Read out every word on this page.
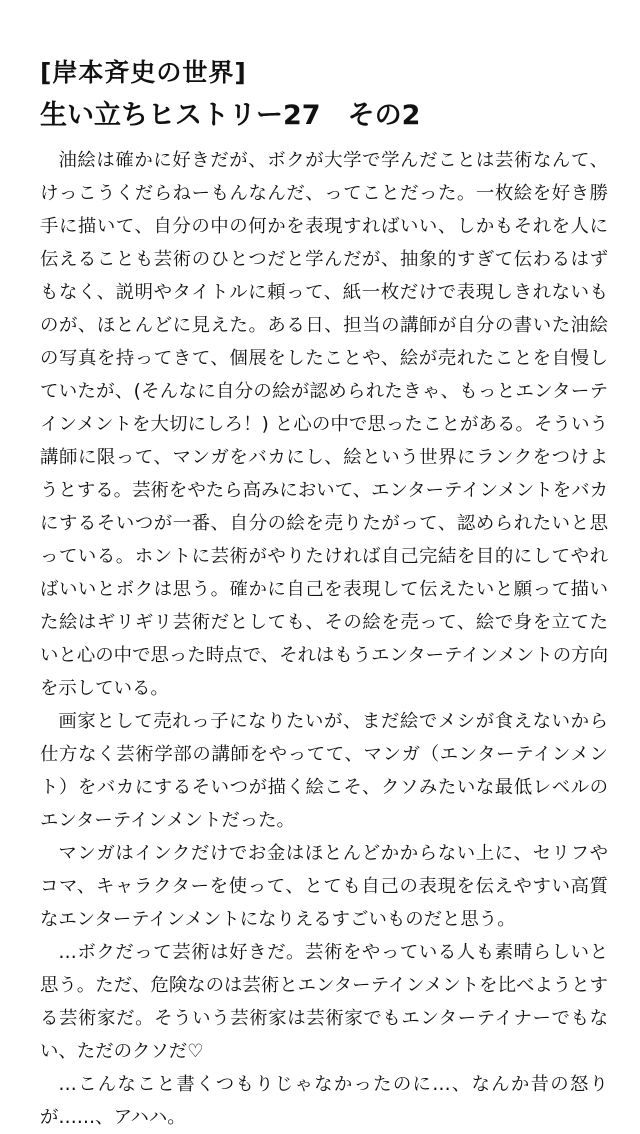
[岸本斉史の世界]
生い立ちヒストリー27　その2

油絵は確かに好きだが、ボクが大学で学んだことは芸術なんて、けっこうくだらねーもんなんだ、ってことだった。一枚絵を好き勝手に描いて、自分の中の何かを表現すればいい、しかもそれを人に伝えることも芸術のひとつだと学んだが、抽象的すぎて伝わるはずもなく、説明やタイトルに頼って、紙一枚だけで表現しきれないものが、ほとんどに見えた。ある日、担当の講師が自分の書いた油絵の写真を持ってきて、個展をしたことや、絵が売れたことを自慢していたが、(そんなに自分の絵が認められたきゃ、もっとエンターテインメントを大切にしろ！) と心の中で思ったことがある。そういう講師に限って、マンガをバカにし、絵という世界にランクをつけようとする。芸術をやたら高みにおいて、エンターテインメントをバカにするそいつが一番、自分の絵を売りたがって、認められたいと思っている。ホントに芸術がやりたければ自己完結を目的にしてやればいいとボクは思う。確かに自己を表現して伝えたいと願って描いた絵はギリギリ芸術だとしても、その絵を売って、絵で身を立てたいと心の中で思った時点で、それはもうエンターテインメントの方向を示している。

画家として売れっ子になりたいが、まだ絵でメシが食えないから仕方なく芸術学部の講師をやってて、マンガ（エンターテインメント）をバカにするそいつが描く絵こそ、クソみたいな最低レベルのエンターテインメントだった。

マンガはインクだけでお金はほとんどかからない上に、セリフやコマ、キャラクターを使って、とても自己の表現を伝えやすい高質なエンターテインメントになりえるすごいものだと思う。

…ボクだって芸術は好きだ。芸術をやっている人も素晴らしいと思う。ただ、危険なのは芸術とエンターテインメントを比べようとする芸術家だ。そういう芸術家は芸術家でもエンターテイナーでもない、ただのクソだ♡

…こんなこと書くつもりじゃなかったのに…、なんか昔の怒りが……、アハハ。
